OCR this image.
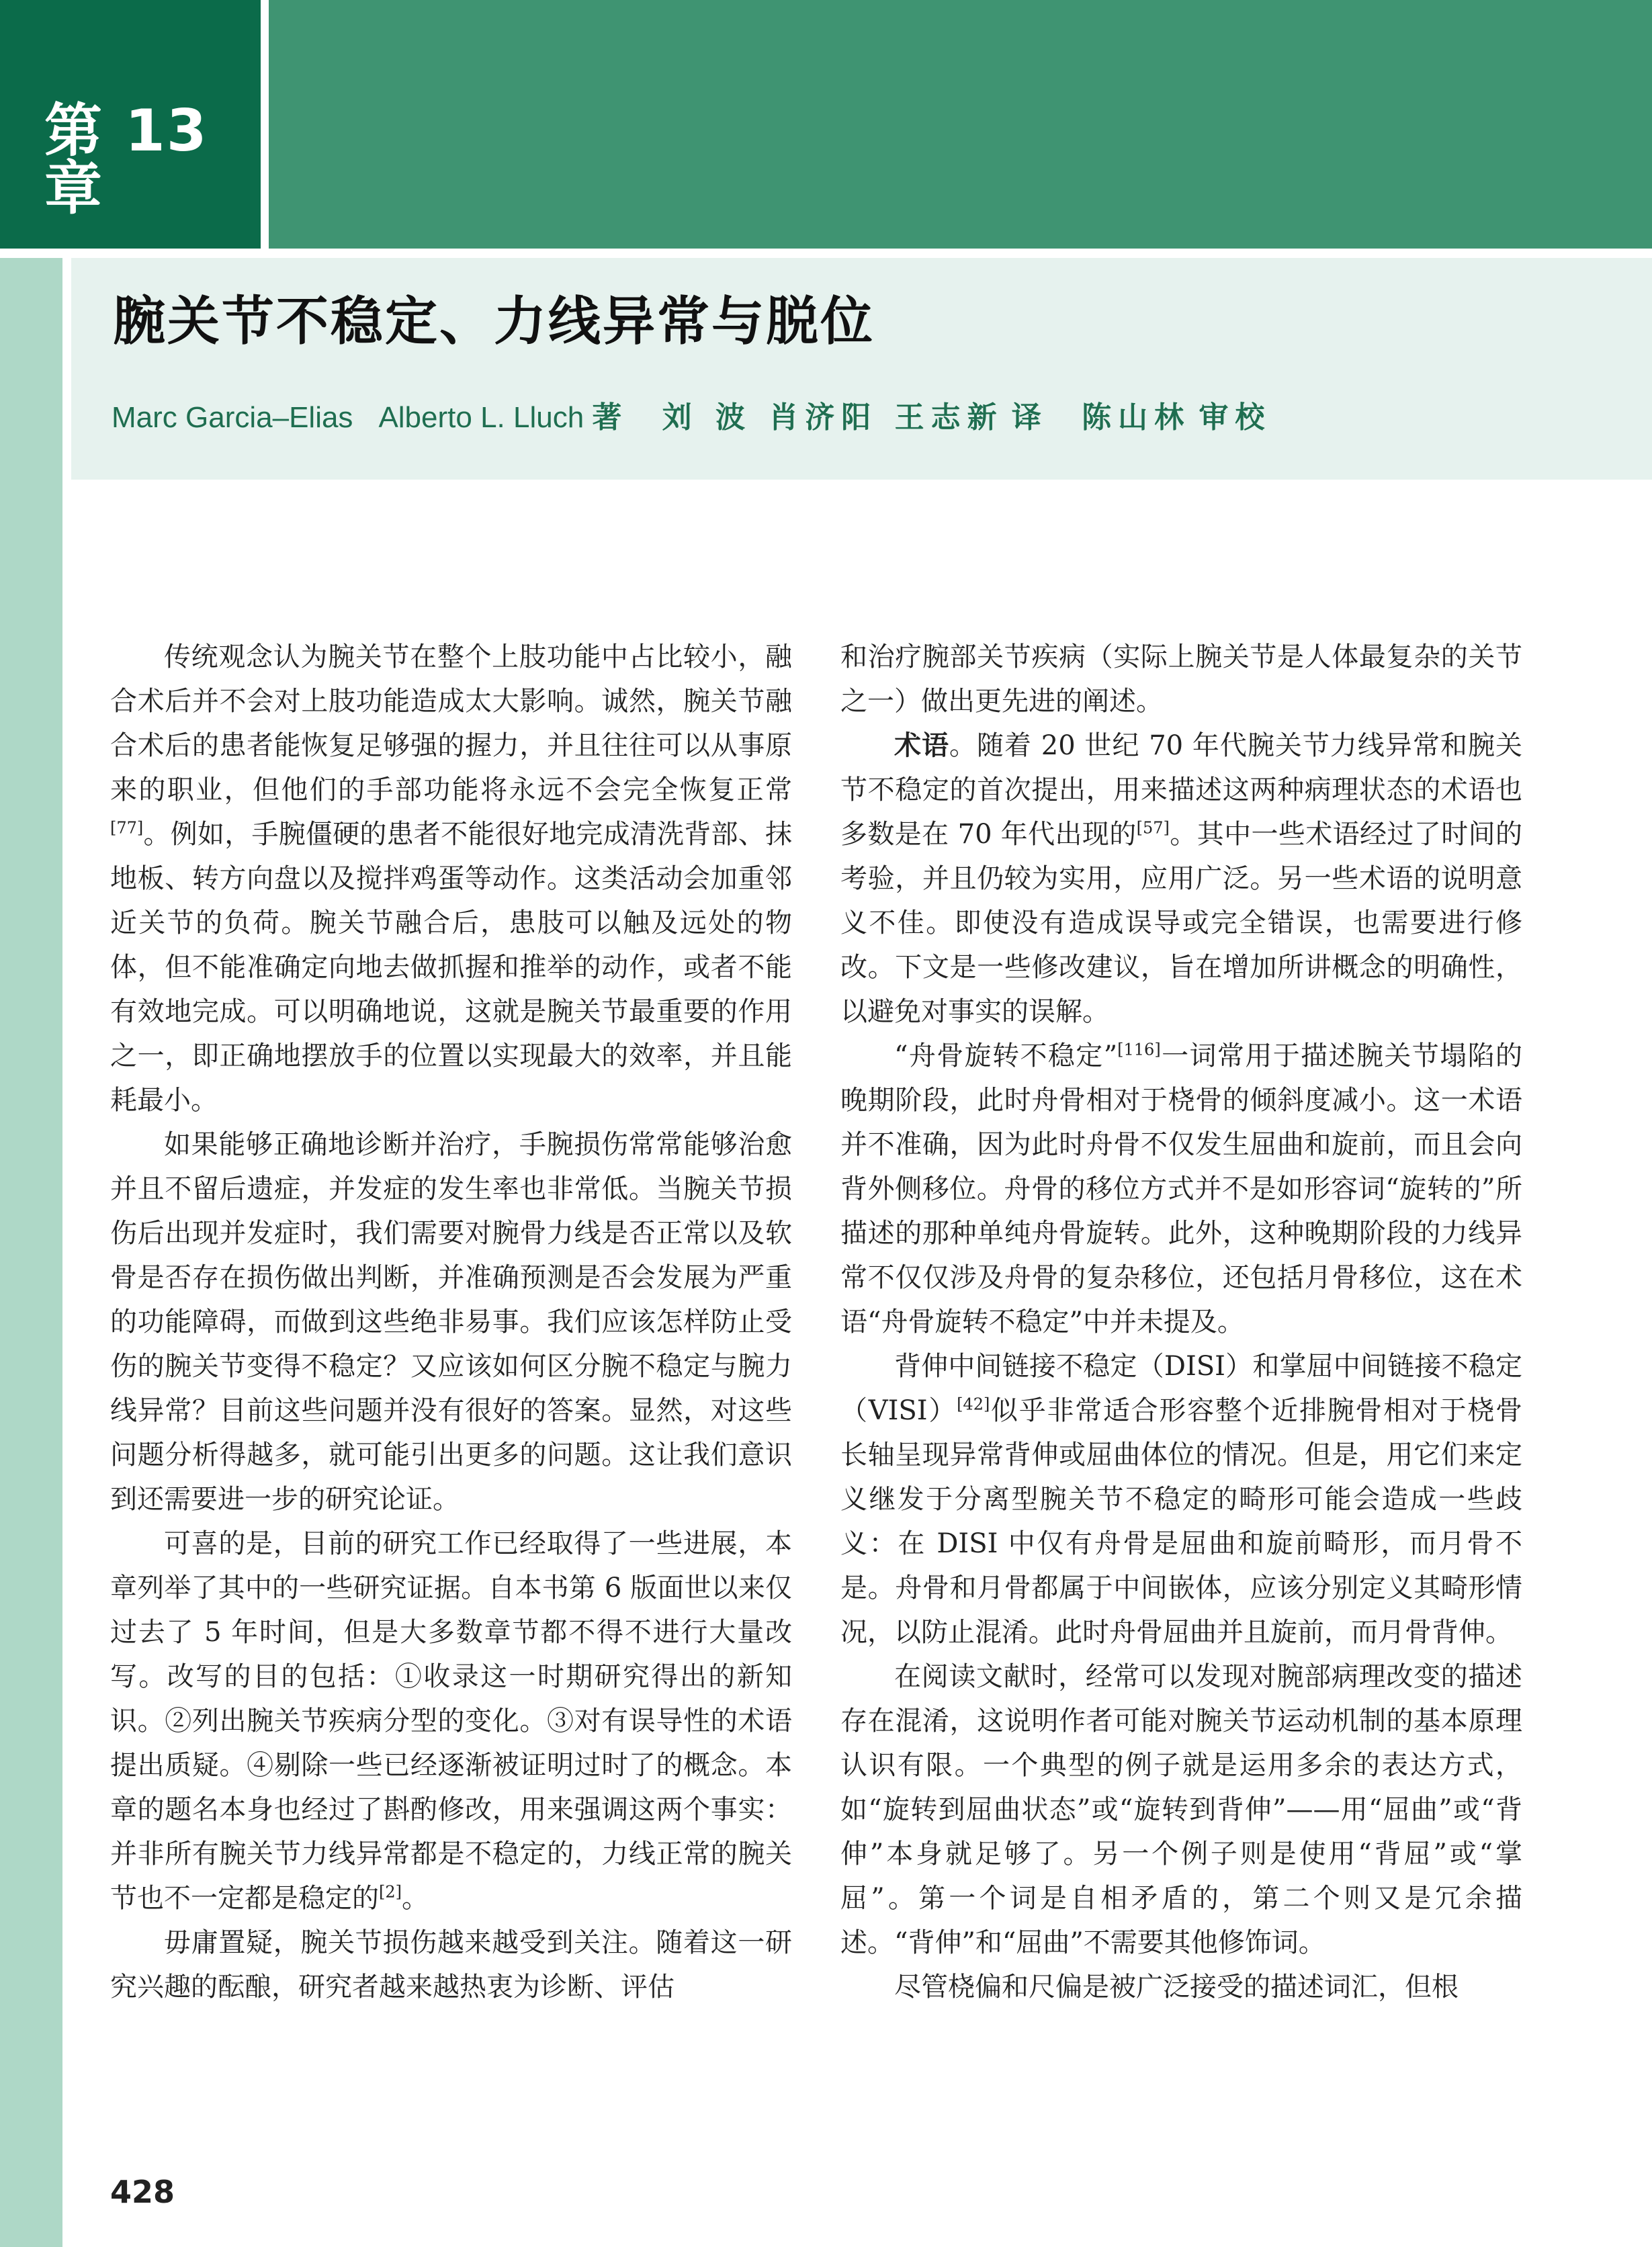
第 13 章
腕关节不稳定、力线异常与脱位
Marc Garcia–Elias Alberto L. Lluch 著 刘 波 肖济阳 王志新 译 陈山林 审校

传统观念认为腕关节在整个上肢功能中占比较小，融合术后并不会对上肢功能造成太大影响。诚然，腕关节融合术后的患者能恢复足够强的握力，并且往往可以从事原来的职业，但他们的手部功能将永远不会完全恢复正常[77]。例如，手腕僵硬的患者不能很好地完成清洗背部、抹地板、转方向盘以及搅拌鸡蛋等动作。这类活动会加重邻近关节的负荷。腕关节融合后，患肢可以触及远处的物体，但不能准确定向地去做抓握和推举的动作，或者不能有效地完成。可以明确地说，这就是腕关节最重要的作用之一，即正确地摆放手的位置以实现最大的效率，并且能耗最小。

如果能够正确地诊断并治疗，手腕损伤常常能够治愈并且不留后遗症，并发症的发生率也非常低。当腕关节损伤后出现并发症时，我们需要对腕骨力线是否正常以及软骨是否存在损伤做出判断，并准确预测是否会发展为严重的功能障碍，而做到这些绝非易事。我们应该怎样防止受伤的腕关节变得不稳定？又应该如何区分腕不稳定与腕力线异常？目前这些问题并没有很好的答案。显然，对这些问题分析得越多，就可能引出更多的问题。这让我们意识到还需要进一步的研究论证。

可喜的是，目前的研究工作已经取得了一些进展，本章列举了其中的一些研究证据。自本书第 6 版面世以来仅过去了 5 年时间，但是大多数章节都不得不进行大量改写。改写的目的包括：①收录这一时期研究得出的新知识。②列出腕关节疾病分型的变化。③对有误导性的术语提出质疑。④剔除一些已经逐渐被证明过时了的概念。本章的题名本身也经过了斟酌修改，用来强调这两个事实：并非所有腕关节力线异常都是不稳定的，力线正常的腕关节也不一定都是稳定的[2]。

毋庸置疑，腕关节损伤越来越受到关注。随着这一研究兴趣的酝酿，研究者越来越热衷为诊断、评估

和治疗腕部关节疾病（实际上腕关节是人体最复杂的关节之一）做出更先进的阐述。

术语。随着 20 世纪 70 年代腕关节力线异常和腕关节不稳定的首次提出，用来描述这两种病理状态的术语也多数是在 70 年代出现的[57]。其中一些术语经过了时间的考验，并且仍较为实用，应用广泛。另一些术语的说明意义不佳。即使没有造成误导或完全错误，也需要进行修改。下文是一些修改建议，旨在增加所讲概念的明确性，以避免对事实的误解。

“舟骨旋转不稳定”[116]一词常用于描述腕关节塌陷的晚期阶段，此时舟骨相对于桡骨的倾斜度减小。这一术语并不准确，因为此时舟骨不仅发生屈曲和旋前，而且会向背外侧移位。舟骨的移位方式并不是如形容词“旋转的”所描述的那种单纯舟骨旋转。此外，这种晚期阶段的力线异常不仅仅涉及舟骨的复杂移位，还包括月骨移位，这在术语“舟骨旋转不稳定”中并未提及。

背伸中间链接不稳定（DISI）和掌屈中间链接不稳定（VISI）[42]似乎非常适合形容整个近排腕骨相对于桡骨长轴呈现异常背伸或屈曲体位的情况。但是，用它们来定义继发于分离型腕关节不稳定的畸形可能会造成一些歧义：在 DISI 中仅有舟骨是屈曲和旋前畸形，而月骨不是。舟骨和月骨都属于中间嵌体，应该分别定义其畸形情况，以防止混淆。此时舟骨屈曲并且旋前，而月骨背伸。

在阅读文献时，经常可以发现对腕部病理改变的描述存在混淆，这说明作者可能对腕关节运动机制的基本原理认识有限。一个典型的例子就是运用多余的表达方式，如“旋转到屈曲状态”或“旋转到背伸”——用“屈曲”或“背伸”本身就足够了。另一个例子则是使用“背屈”或“掌屈”。第一个词是自相矛盾的，第二个则又是冗余描述。“背伸”和“屈曲”不需要其他修饰词。

尽管桡偏和尺偏是被广泛接受的描述词汇，但根

428
